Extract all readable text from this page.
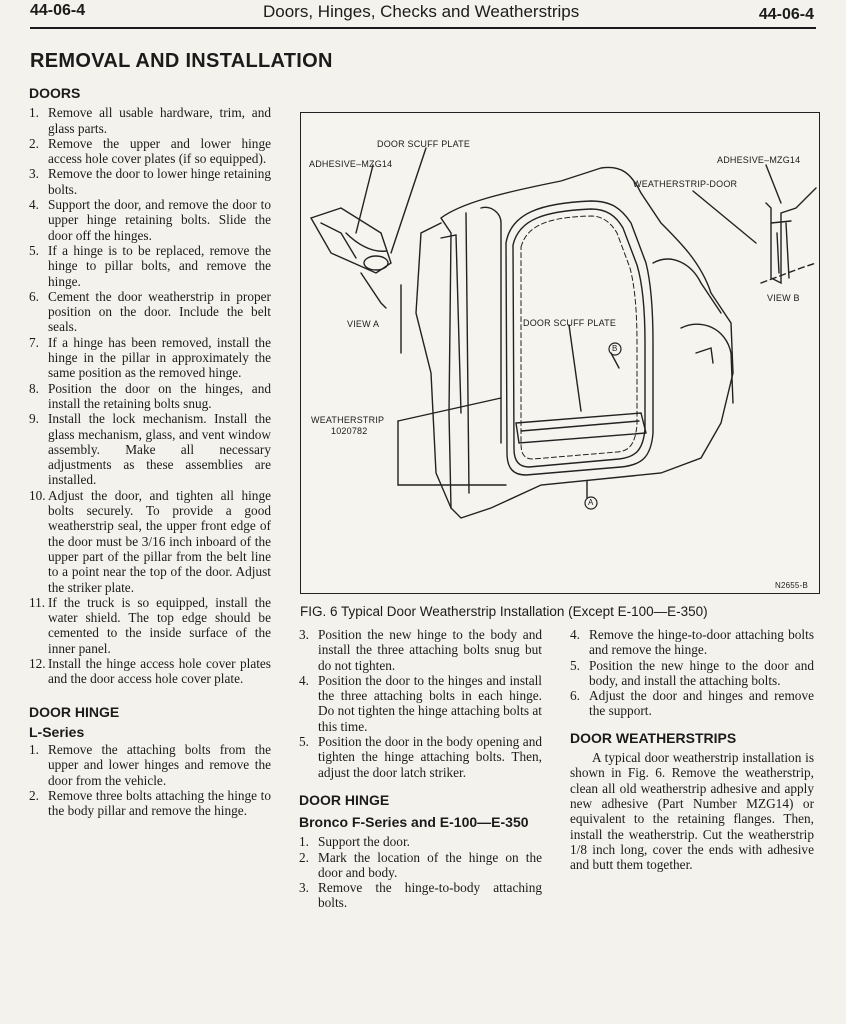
44-06-4	Doors, Hinges, Checks and Weatherstrips	44-06-4
REMOVAL AND INSTALLATION
DOORS
1. Remove all usable hardware, trim, and glass parts.
2. Remove the upper and lower hinge access hole cover plates (if so equipped).
3. Remove the door to lower hinge retaining bolts.
4. Support the door, and remove the door to upper hinge retaining bolts. Slide the door off the hinges.
5. If a hinge is to be replaced, remove the hinge to pillar bolts, and remove the hinge.
6. Cement the door weatherstrip in proper position on the door. Include the belt seals.
7. If a hinge has been removed, install the hinge in the pillar in approximately the same position as the removed hinge.
8. Position the door on the hinges, and install the retaining bolts snug.
9. Install the lock mechanism. Install the glass mechanism, glass, and vent window assembly. Make all necessary adjustments as these assemblies are installed.
10. Adjust the door, and tighten all hinge bolts securely. To provide a good weatherstrip seal, the upper front edge of the door must be 3/16 inch inboard of the upper part of the pillar from the belt line to a point near the top of the door. Adjust the striker plate.
11. If the truck is so equipped, install the water shield. The top edge should be cemented to the inside surface of the inner panel.
12. Install the hinge access hole cover plates and the door access hole cover plate.
DOOR HINGE
L-Series
1. Remove the attaching bolts from the upper and lower hinges and remove the door from the vehicle.
2. Remove three bolts attaching the hinge to the body pillar and remove the hinge.
DOOR SCUFF PLATE
ADHESIVE–MZG14	ADHESIVE–MZG14
WEATHERSTRIP-DOOR
VIEW A
VIEW B
DOOR SCUFF PLATE
WEATHERSTRIP
1020782
B
A
N2655-B
FIG. 6 Typical Door Weatherstrip Installation (Except E-100—E-350)
3. Position the new hinge to the body and install the three attaching bolts snug but do not tighten.
4. Position the door to the hinges and install the three attaching bolts in each hinge. Do not tighten the hinge attaching bolts at this time.
5. Position the door in the body opening and tighten the hinge attaching bolts. Then, adjust the door latch striker.
DOOR HINGE
Bronco F-Series and E-100—E-350
1. Support the door.
2. Mark the location of the hinge on the door and body.
3. Remove the hinge-to-body attaching bolts.
4. Remove the hinge-to-door attaching bolts and remove the hinge.
5. Position the new hinge to the door and body, and install the attaching bolts.
6. Adjust the door and hinges and remove the support.
DOOR WEATHERSTRIPS

A typical door weatherstrip installation is shown in Fig. 6. Remove the weatherstrip, clean all old weatherstrip adhesive and apply new adhesive (Part Number MZG14) or equivalent to the retaining flanges. Then, install the weatherstrip. Cut the weatherstrip 1/8 inch long, cover the ends with adhesive and butt them together.
